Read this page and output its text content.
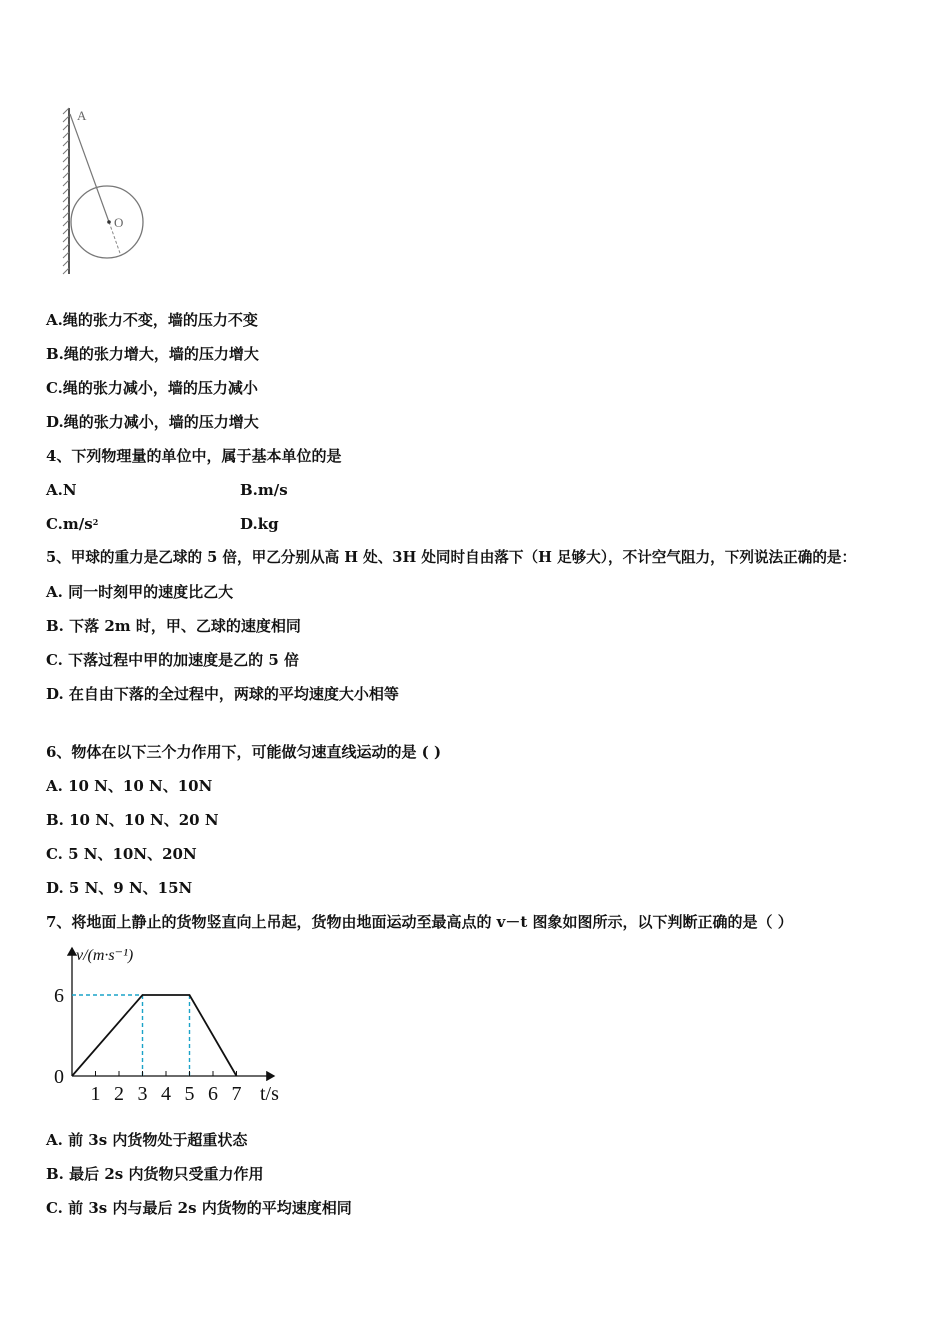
A
O
A.绳的张力不变，墙的压力不变
B.绳的张力增大，墙的压力增大
C.绳的张力减小，墙的压力减小
D.绳的张力减小，墙的压力增大
4、下列物理量的单位中，属于基本单位的是
A.N	B.m/s
$C.m/s^2$	D.kg
5、甲球的重力是乙球的 5 倍，甲乙分别从高 H 处、3H 处同时自由落下（H 足够大），不计空气阻力，下列说法正确的是：
A. 同一时刻甲的速度比乙大
B. 下落 2m 时，甲、乙球的速度相同
C. 下落过程中甲的加速度是乙的 5 倍
D. 在自由下落的全过程中，两球的平均速度大小相等
6、物体在以下三个力作用下，可能做匀速直线运动的是 ( )
A. 10 N、10 N、10N
B. 10 N、10 N、20 N
C. 5 N、10N、20N
D. 5 N、9 N、15N
7、将地面上静止的货物竖直向上吊起，货物由地面运动至最高点的 v－t 图象如图所示，以下判断正确的是（ ）
v/(m·s⁻¹)
t/s
1 2 3 4 5 6 7
0
6
A. 前 3s 内货物处于超重状态
B. 最后 2s 内货物只受重力作用
C. 前 3s 内与最后 2s 内货物的平均速度相同
